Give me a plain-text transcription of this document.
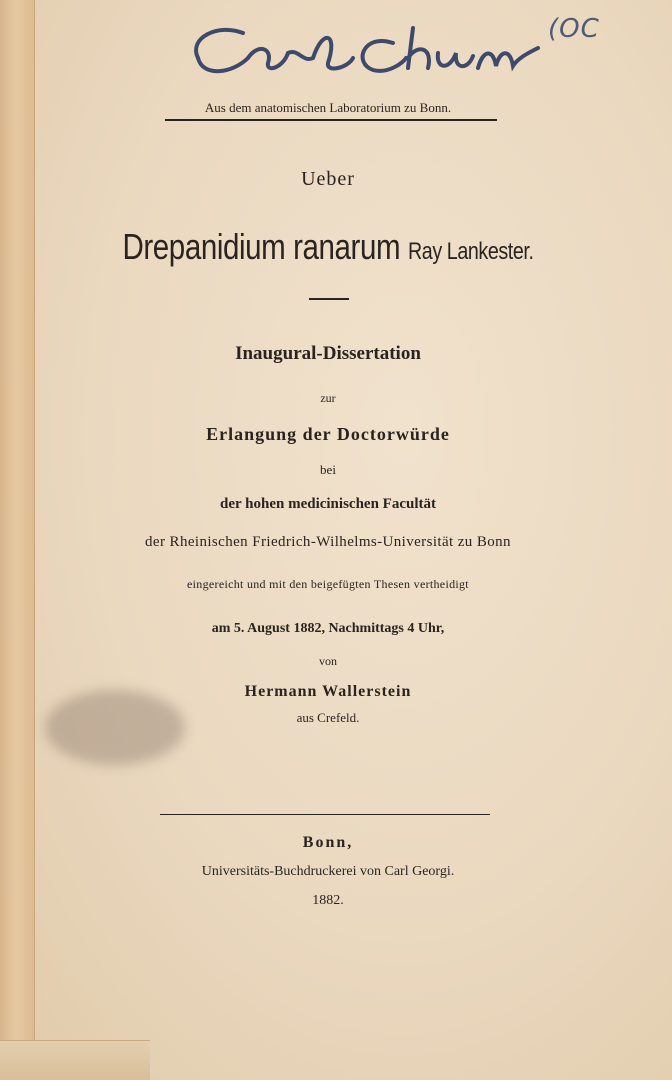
(OC
Aus dem anatomischen Laboratorium zu Bonn.
Ueber
Drepanidium ranarum Ray Lankester.
Inaugural-Dissertation
zur
Erlangung der Doctorwürde
bei
der hohen medicinischen Facultät
der Rheinischen Friedrich-Wilhelms-Universität zu Bonn
eingereicht und mit den beigefügten Thesen vertheidigt
am 5. August 1882, Nachmittags 4 Uhr,
von
Hermann Wallerstein
aus Crefeld.
Bonn,
Universitäts-Buchdruckerei von Carl Georgi.
1882.
